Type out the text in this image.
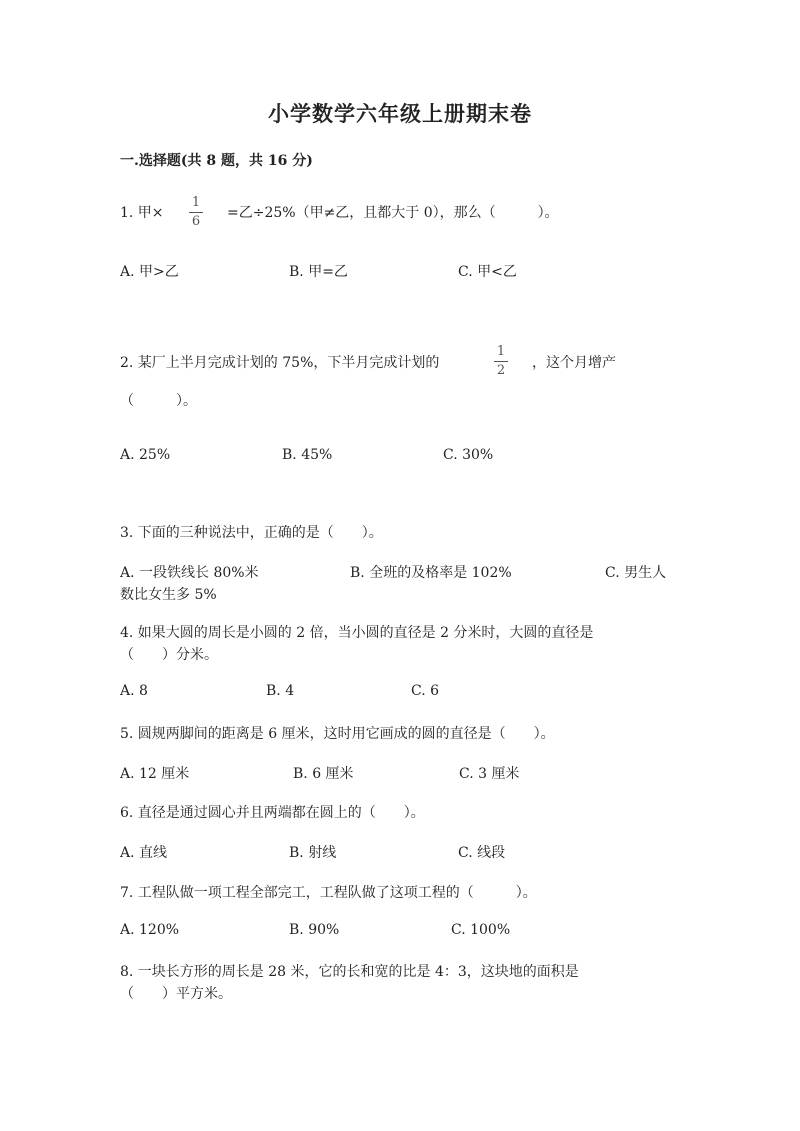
小学数学六年级上册期末卷
一.选择题(共 8 题，共 16 分)
1. 甲×
1
6
=乙÷25%（甲≠乙，且都大于 0），那么（　　　）。
A. 甲>乙	B. 甲=乙	C. 甲<乙
2. 某厂上半月完成计划的 75%，下半月完成计划的
1
2 ，这个月增产
（　　　）。
A. 25%	B. 45%	C. 30%
3. 下面的三种说法中，正确的是（　　）。
A. 一段铁线长 80%米	B. 全班的及格率是 102%	C. 男生人
数比女生多 5%
4. 如果大圆的周长是小圆的 2 倍，当小圆的直径是 2 分米时，大圆的直径是
（　　）分米。
A. 8	B. 4	C. 6
5. 圆规两脚间的距离是 6 厘米，这时用它画成的圆的直径是（　　）。
A. 12 厘米	B. 6 厘米	C. 3 厘米
6. 直径是通过圆心并且两端都在圆上的（　　）。
A. 直线	B. 射线	C. 线段
7. 工程队做一项工程全部完工，工程队做了这项工程的（　　　）。
A. 120%	B. 90%	C. 100%
8. 一块长方形的周长是 28 米，它的长和宽的比是 4：3，这块地的面积是
（　　）平方米。
